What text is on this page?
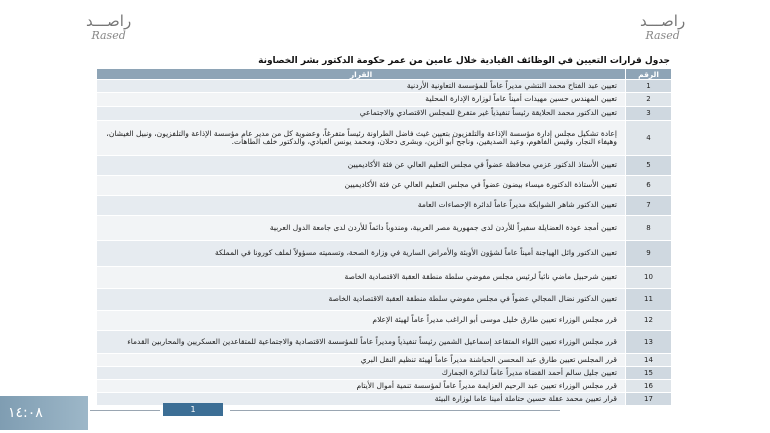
راصـــد
Rased
راصـــد
Rased
جدول قرارات التعيين في الوظائف القيادية خلال عامين من عمر حكومة الدكتور بشر الخصاونة
الرقم	القرار
1	تعيين عبد الفتاح محمد النتشي مديراً عاماً للمؤسسة التعاونية الأردنية
2	تعيين المهندس حسين مهيدات أميناً عاماً لوزارة الإدارة المحلية
3	تعيين الدكتور محمد الحلايقة رئيساً تنفيذياً غير متفرغ للمجلس الاقتصادي والاجتماعي
4	إعادة تشكيل مجلس إدارة مؤسسة الإذاعة والتلفزيون بتعيين غيث فاضل الطراونة رئيساً متفرغاً، وعضوية كل من مدير عام مؤسسة الإذاعة والتلفزيون، ونبيل الغيشان، وهيفاء النجار، وقيس الفاهوم، وعيد الصديقين، وناجح أبو الزين، وبشرى دحلان، ومحمد يونس العبادي، والدكتور خلف الطاهات.
5	تعيين الأستاذ الدكتور عزمي محافظة عضواً في مجلس التعليم العالي عن فئة الأكاديميين
6	تعيين الأستاذة الدكتورة ميساء بيضون عضواً في مجلس التعليم العالي عن فئة الأكاديميين
7	تعيين الدكتور شاهر الشوابكة مديراً عاماً لدائرة الإحصاءات العامة
8	تعيين أمجد عودة العضايلة سفيراً للأردن لدى جمهورية مصر العربية، ومندوباً دائماً للأردن لدى جامعة الدول العربية
9	تعيين الدكتور وائل الهياجنة أميناً عاماً لشؤون الأوبئة والأمراض السارية في وزارة الصحة، وتسميته مسؤولاً لملف كورونا في المملكة
10	تعيين شرحبيل ماضي نائباً لرئيس مجلس مفوضي سلطة منطقة العقبة الاقتصادية الخاصة
11	تعيين الدكتور نضال المجالي عضواً في مجلس مفوضي سلطة منطقة العقبة الاقتصادية الخاصة
12	قرر مجلس الوزراء تعيين طارق خليل موسى أبو الراغب مديراً عاماً لهيئة الإعلام
13	قرر مجلس الوزراء تعيين اللواء المتقاعد إسماعيل الشمين رئيساً تنفيذياً ومديراً عاماً للمؤسسة الاقتصادية والاجتماعية للمتقاعدين العسكريين والمحاربين القدماء
14	قرر المجلس تعيين طارق عبد المحسن الحباشنة مديراً عاماً لهيئة تنظيم النقل البري
15	تعيين جليل سالم أحمد القضاة مديراً عاماً لدائرة الجمارك
16	قرر مجلس الوزراء تعيين عبد الرحيم العزايمة مديراً عاماً لمؤسسة تنمية أموال الأيتام
17	قرار تعيين محمد عقلة حسين حتاملة أمينا عاما لوزارة البيئة
1
١٤:٠٨
